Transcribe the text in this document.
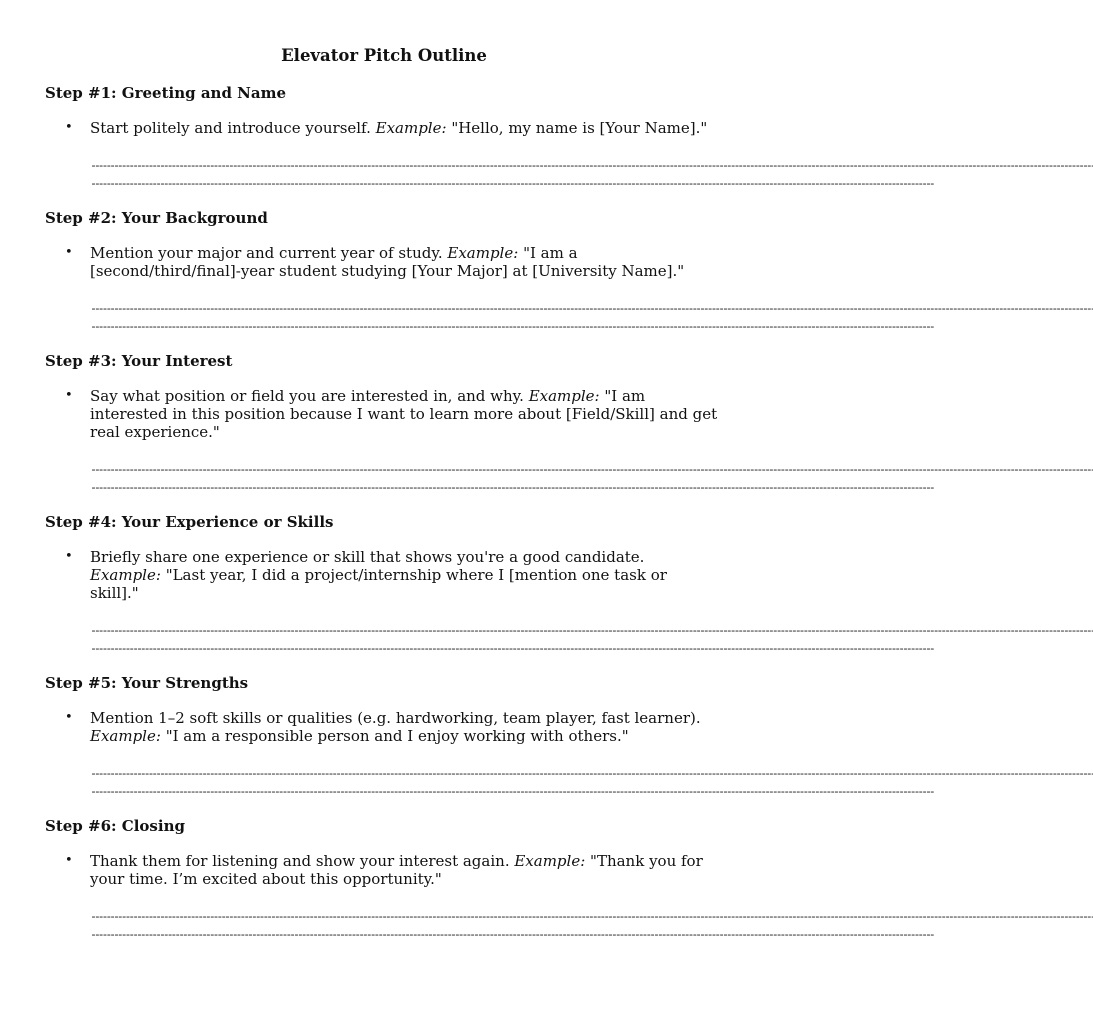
Elevator Pitch Outline
Step #1: Greeting and Name
• Start politely and introduce yourself. Example: "Hello, my name is [Your Name]."
----------------------------------------------------------------------------------------------------------------------------------------------------------------------------------------------------------------------------------------------------------------------
----------------------------------------------------------------------------------------------------------------------------------------------------------------------------------------------------------------------------
Step #2: Your Background
• Mention your major and current year of study. Example: "I am a [second/third/final]-year student studying [Your Major] at [University Name]."
----------------------------------------------------------------------------------------------------------------------------------------------------------------------------------------------------------------------------------------------------------------------
----------------------------------------------------------------------------------------------------------------------------------------------------------------------------------------------------------------------------
Step #3: Your Interest
• Say what position or field you are interested in, and why. Example: "I am interested in this position because I want to learn more about [Field/Skill] and get real experience."
----------------------------------------------------------------------------------------------------------------------------------------------------------------------------------------------------------------------------------------------------------------------
----------------------------------------------------------------------------------------------------------------------------------------------------------------------------------------------------------------------------
Step #4: Your Experience or Skills
• Briefly share one experience or skill that shows you're a good candidate. Example: "Last year, I did a project/internship where I [mention one task or skill]."
----------------------------------------------------------------------------------------------------------------------------------------------------------------------------------------------------------------------------------------------------------------------
----------------------------------------------------------------------------------------------------------------------------------------------------------------------------------------------------------------------------
Step #5: Your Strengths
• Mention 1–2 soft skills or qualities (e.g. hardworking, team player, fast learner). Example: "I am a responsible person and I enjoy working with others."
----------------------------------------------------------------------------------------------------------------------------------------------------------------------------------------------------------------------------------------------------------------------
----------------------------------------------------------------------------------------------------------------------------------------------------------------------------------------------------------------------------
Step #6: Closing
• Thank them for listening and show your interest again. Example: "Thank you for your time. I’m excited about this opportunity."
----------------------------------------------------------------------------------------------------------------------------------------------------------------------------------------------------------------------------------------------------------------------
----------------------------------------------------------------------------------------------------------------------------------------------------------------------------------------------------------------------------
